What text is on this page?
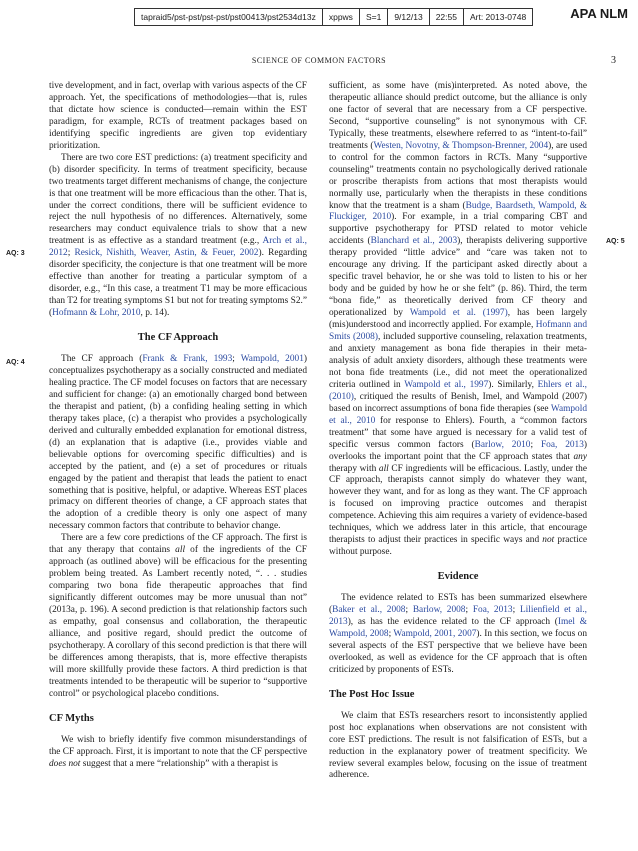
tapraid5/pst-pst/pst-pst/pst00413/pst2534d13z	xppws	S=1	9/12/13	22:55	Art: 2013-0748	APA NLM
SCIENCE OF COMMON FACTORS	3
AQ: 3
AQ: 4
AQ: 5

tive development, and in fact, overlap with various aspects of the CF approach. Yet, the specifications of methodologies—that is, rules that dictate how science is conducted—remain within the EST paradigm, for example, RCTs of treatment packages based on identifying specific ingredients are given top evidentiary prioritization.

There are two core EST predictions: (a) treatment specificity and (b) disorder specificity. In terms of treatment specificity, because two treatments target different mechanisms of change, the conjecture is that one treatment will be more efficacious than the other. That is, under the correct conditions, there will be sufficient evidence to reject the null hypothesis of no differences. Alternatively, some researchers may conduct equivalence trials to show that a new treatment is as effective as a standard treatment (e.g., Arch et al., 2012; Resick, Nishith, Weaver, Astin, & Feuer, 2002). Regarding disorder specificity, the conjecture is that one treatment will be more effective than another for treating a particular symptom of a disorder, e.g., “In this case, a treatment T1 may be more efficacious than T2 for treating symptoms S1 but not for treating symptoms S2.” (Hofmann & Lohr, 2010, p. 14).

The CF Approach

The CF approach (Frank & Frank, 1993; Wampold, 2001) conceptualizes psychotherapy as a socially constructed and mediated healing practice. The CF model focuses on factors that are necessary and sufficient for change: (a) an emotionally charged bond between the therapist and patient, (b) a confiding healing setting in which therapy takes place, (c) a therapist who provides a psychologically derived and culturally embedded explanation for emotional distress, (d) an explanation that is adaptive (i.e., provides viable and believable options for overcoming specific difficulties) and is accepted by the patient, and (e) a set of procedures or rituals engaged by the patient and therapist that leads the patient to enact something that is positive, helpful, or adaptive. Whereas EST places primacy on different theories of change, a CF approach states that the adoption of a credible theory is only one aspect of many necessary common factors that contribute to behavior change.

There are a few core predictions of the CF approach. The first is that any therapy that contains all of the ingredients of the CF approach (as outlined above) will be efficacious for the presenting problem being treated. As Lambert recently noted, “. . . studies comparing two bona fide therapeutic approaches that find significantly different outcomes may be more unusual than not” (2013a, p. 196). A second prediction is that relationship factors such as empathy, goal consensus and collaboration, the therapeutic alliance, and positive regard, should predict the outcome of psychotherapy. A corollary of this second prediction is that there will be differences among therapists, that is, more effective therapists will more skillfully provide these factors. A third prediction is that treatments intended to be therapeutic will be superior to “supportive control” or psychological placebo conditions.

CF Myths

We wish to briefly identify five common misunderstandings of the CF approach. First, it is important to note that the CF perspective does not suggest that a mere “relationship” with a therapist is

sufficient, as some have (mis)interpreted. As noted above, the therapeutic alliance should predict outcome, but the alliance is only one factor of several that are necessary from a CF perspective. Second, “supportive counseling” is not synonymous with CF. Typically, these treatments, elsewhere referred to as “intent-to-fail” treatments (Westen, Novotny, & Thompson-Brenner, 2004), are used to control for the common factors in RCTs. Many “supportive counseling” treatments contain no psychologically derived rationale or proscribe therapists from actions that most therapists would normally use, particularly when the therapists in these conditions know that the treatment is a sham (Budge, Baardseth, Wampold, & Fluckiger, 2010). For example, in a trial comparing CBT and supportive psychotherapy for PTSD related to motor vehicle accidents (Blanchard et al., 2003), therapists delivering supportive therapy provided “little advice” and “care was taken not to encourage any driving. If the participant asked directly about a specific travel behavior, he or she was told to listen to his or her body and be guided by how he or she felt” (p. 86). Third, the term “bona fide,” as theoretically derived from CF theory and operationalized by Wampold et al. (1997), has been largely (mis)understood and incorrectly applied. For example, Hofmann and Smits (2008), included supportive counseling, relaxation treatments, and anxiety management as bona fide therapies in their meta-analysis of adult anxiety disorders, although these treatments were not bona fide treatments (i.e., did not meet the operationalized criteria outlined in Wampold et al., 1997). Similarly, Ehlers et al., (2010), critiqued the results of Benish, Imel, and Wampold (2007) based on incorrect assumptions of bona fide therapies (see Wampold et al., 2010 for response to Ehlers). Fourth, a “common factors treatment” that some have argued is necessary for a valid test of specific versus common factors (Barlow, 2010; Foa, 2013) overlooks the important point that the CF approach states that any therapy with all CF ingredients will be efficacious. Lastly, under the CF approach, therapists cannot simply do whatever they want, however they want, and for as long as they want. The CF approach is focused on improving practice outcomes and therapist competence. Achieving this aim requires a variety of evidence-based techniques, which we address later in this article, that encourage therapists to adjust their practices in specific ways and not practice without purpose.

Evidence

The evidence related to ESTs has been summarized elsewhere (Baker et al., 2008; Barlow, 2008; Foa, 2013; Lilienfield et al., 2013), as has the evidence related to the CF approach (Imel & Wampold, 2008; Wampold, 2001, 2007). In this section, we focus on several aspects of the EST perspective that we believe have been overlooked, as well as evidence for the CF approach that is often criticized by proponents of ESTs.

The Post Hoc Issue

We claim that ESTs researchers resort to inconsistently applied post hoc explanations when observations are not consistent with core EST predictions. The result is not falsification of ESTs, but a reduction in the explanatory power of treatment specificity. We review several examples below, focusing on the issue of treatment adherence.
